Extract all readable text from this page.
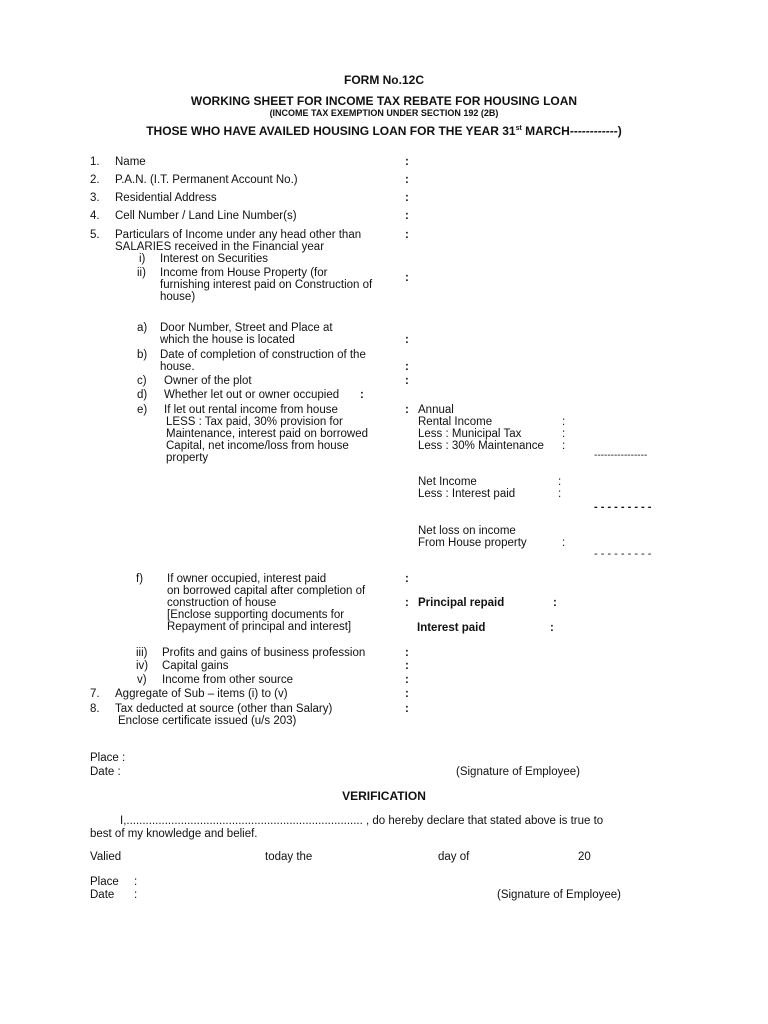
FORM No.12C
WORKING SHEET FOR INCOME TAX REBATE FOR HOUSING LOAN
(INCOME TAX EXEMPTION UNDER SECTION 192 (2B)
THOSE WHO HAVE AVAILED HOUSING LOAN FOR THE YEAR 31st MARCH------------)
1. Name	:
2. P.A.N. (I.T. Permanent Account No.)	:
3. Residential Address	:
4. Cell Number / Land Line Number(s)	:
5. Particulars of Income under any head other than
SALARIES received in the Financial year
:
i) Interest on Securities
ii) Income from House Property (for
furnishing interest paid on Construction of
house)
:
a) Door Number, Street and Place at
which the house is located	:
b) Date of completion of construction of the
house.	:
c) Owner of the plot	:
d) Whether let out or owner occupied :
e) If let out rental income from house
LESS : Tax paid, 30% provision for
Maintenance, interest paid on borrowed
Capital, net income/loss from house
property
: Annual
Rental Income	:
Less : Municipal Tax	:
Less : 30% Maintenance :
----------------
Net Income	:
Less : Interest paid	:
- - - - - - - - -
Net loss on income
From House property	:
- - - - - - - - -
f) If owner occupied, interest paid
on borrowed capital after completion of
construction of house
[Enclose supporting documents for
Repayment of principal and interest]
:
: Principal repaid	:
Interest paid	:
iii) Profits and gains of business profession	:
iv) Capital gains	:
v) Income from other source	:
7. Aggregate of Sub – items (i) to (v)	:
8. Tax deducted at source (other than Salary)
Enclose certificate issued (u/s 203)
:
Place :
Date :	(Signature of Employee)
VERIFICATION
I,.......................................................................... , do hereby declare that stated above is true to
best of my knowledge and belief.
Valied	today the	day of	20
Place :
Date :	(Signature of Employee)
